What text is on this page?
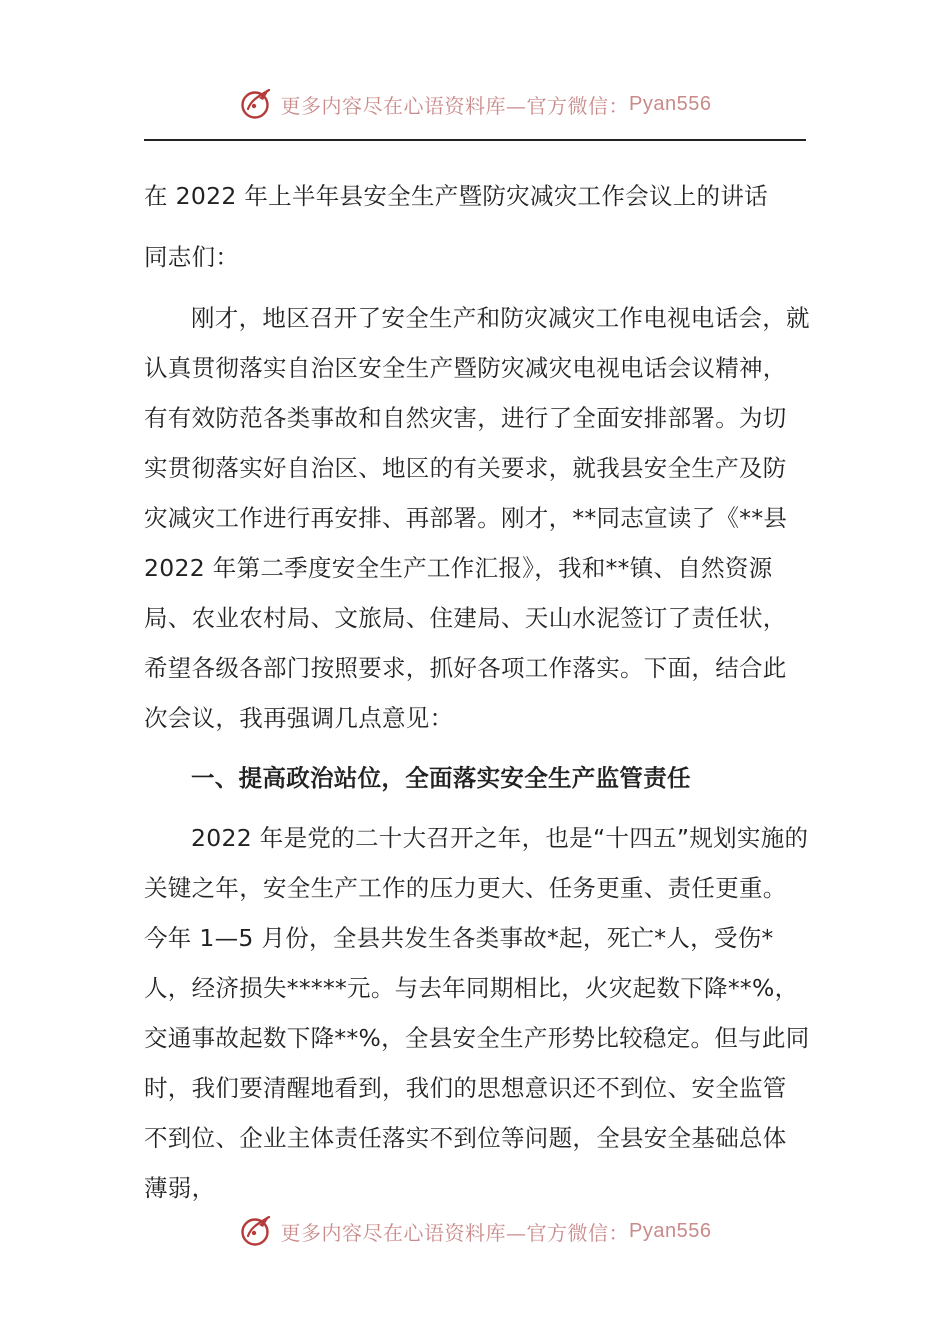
更多内容尽在心语资料库—官方微信： Pyan556

在 2022 年上半年县安全生产暨防灾减灾工作会议上的讲话

同志们：

刚才，地区召开了安全生产和防灾减灾工作电视电话会，就认真贯彻落实自治区安全生产暨防灾减灾电视电话会议精神，有有效防范各类事故和自然灾害，进行了全面安排部署。为切实贯彻落实好自治区、地区的有关要求，就我县安全生产及防灾减灾工作进行再安排、再部署。刚才，**同志宣读了《**县 2022 年第二季度安全生产工作汇报》，我和**镇、自然资源局、农业农村局、文旅局、住建局、天山水泥签订了责任状，希望各级各部门按照要求，抓好各项工作落实。下面，结合此次会议，我再强调几点意见：

一、提高政治站位，全面落实安全生产监管责任

2022 年是党的二十大召开之年，也是“十四五”规划实施的关键之年，安全生产工作的压力更大、任务更重、责任更重。今年 1—5 月份，全县共发生各类事故*起，死亡*人，受伤*人，经济损失*****元。与去年同期相比，火灾起数下降**%，交通事故起数下降**%，全县安全生产形势比较稳定。但与此同时，我们要清醒地看到，我们的思想意识还不到位、安全监管不到位、企业主体责任落实不到位等问题，全县安全基础总体薄弱，

更多内容尽在心语资料库—官方微信： Pyan556
